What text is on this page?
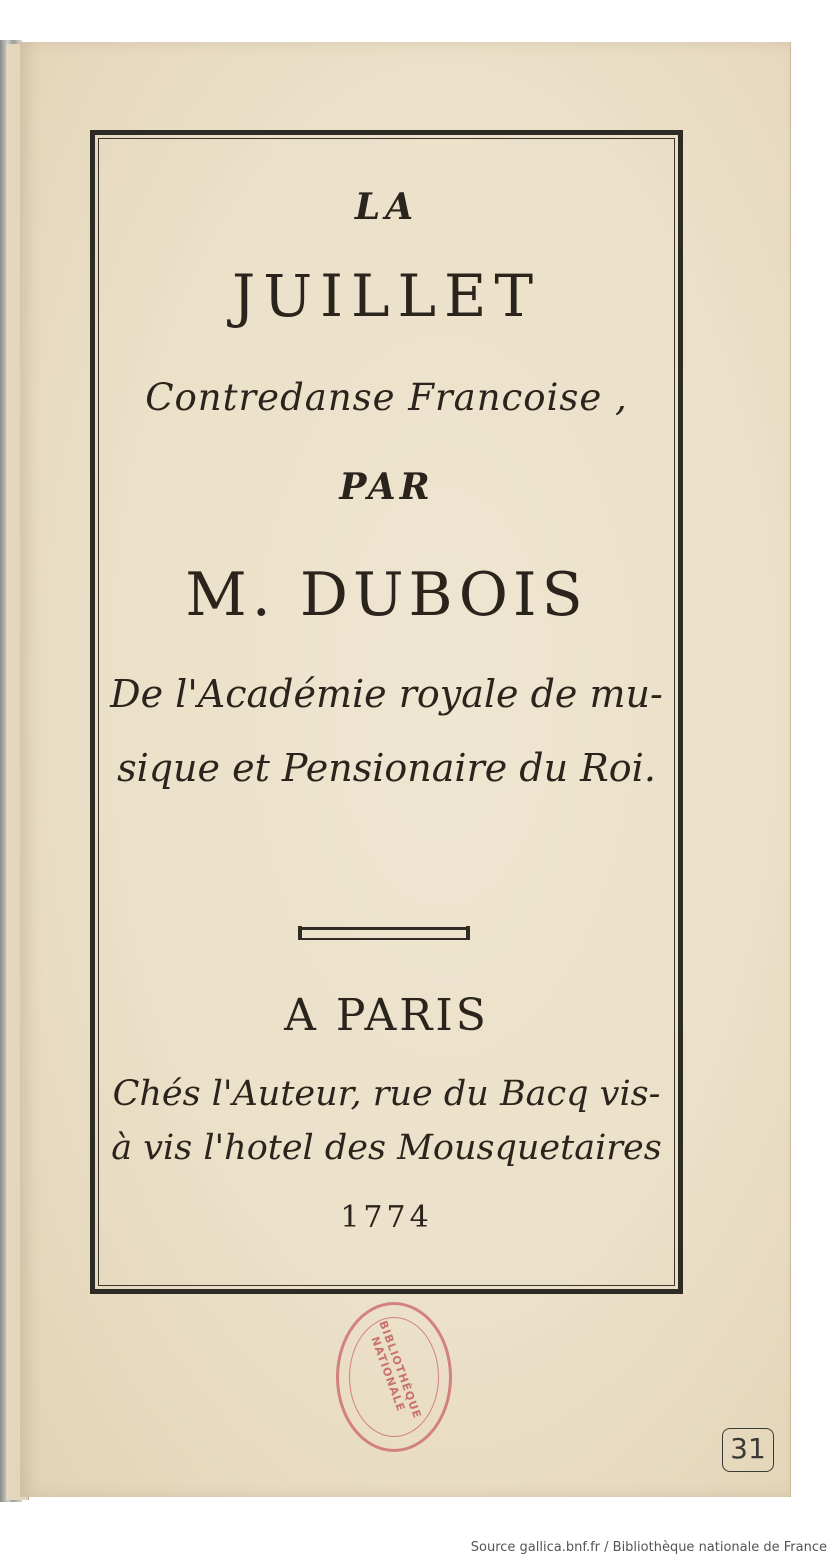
LA

JUILLET

Contredanse Francoise ,

PAR

M. DUBOIS

De l'Académie royale de mu-

sique et Pensionaire du Roi.

A PARIS

Chés l'Auteur, rue du Bacq vis-

à vis l'hotel des Mousquetaires

1774

BIBLIOTHÈQUE NATIONALE
31
Source gallica.bnf.fr / Bibliothèque nationale de France
